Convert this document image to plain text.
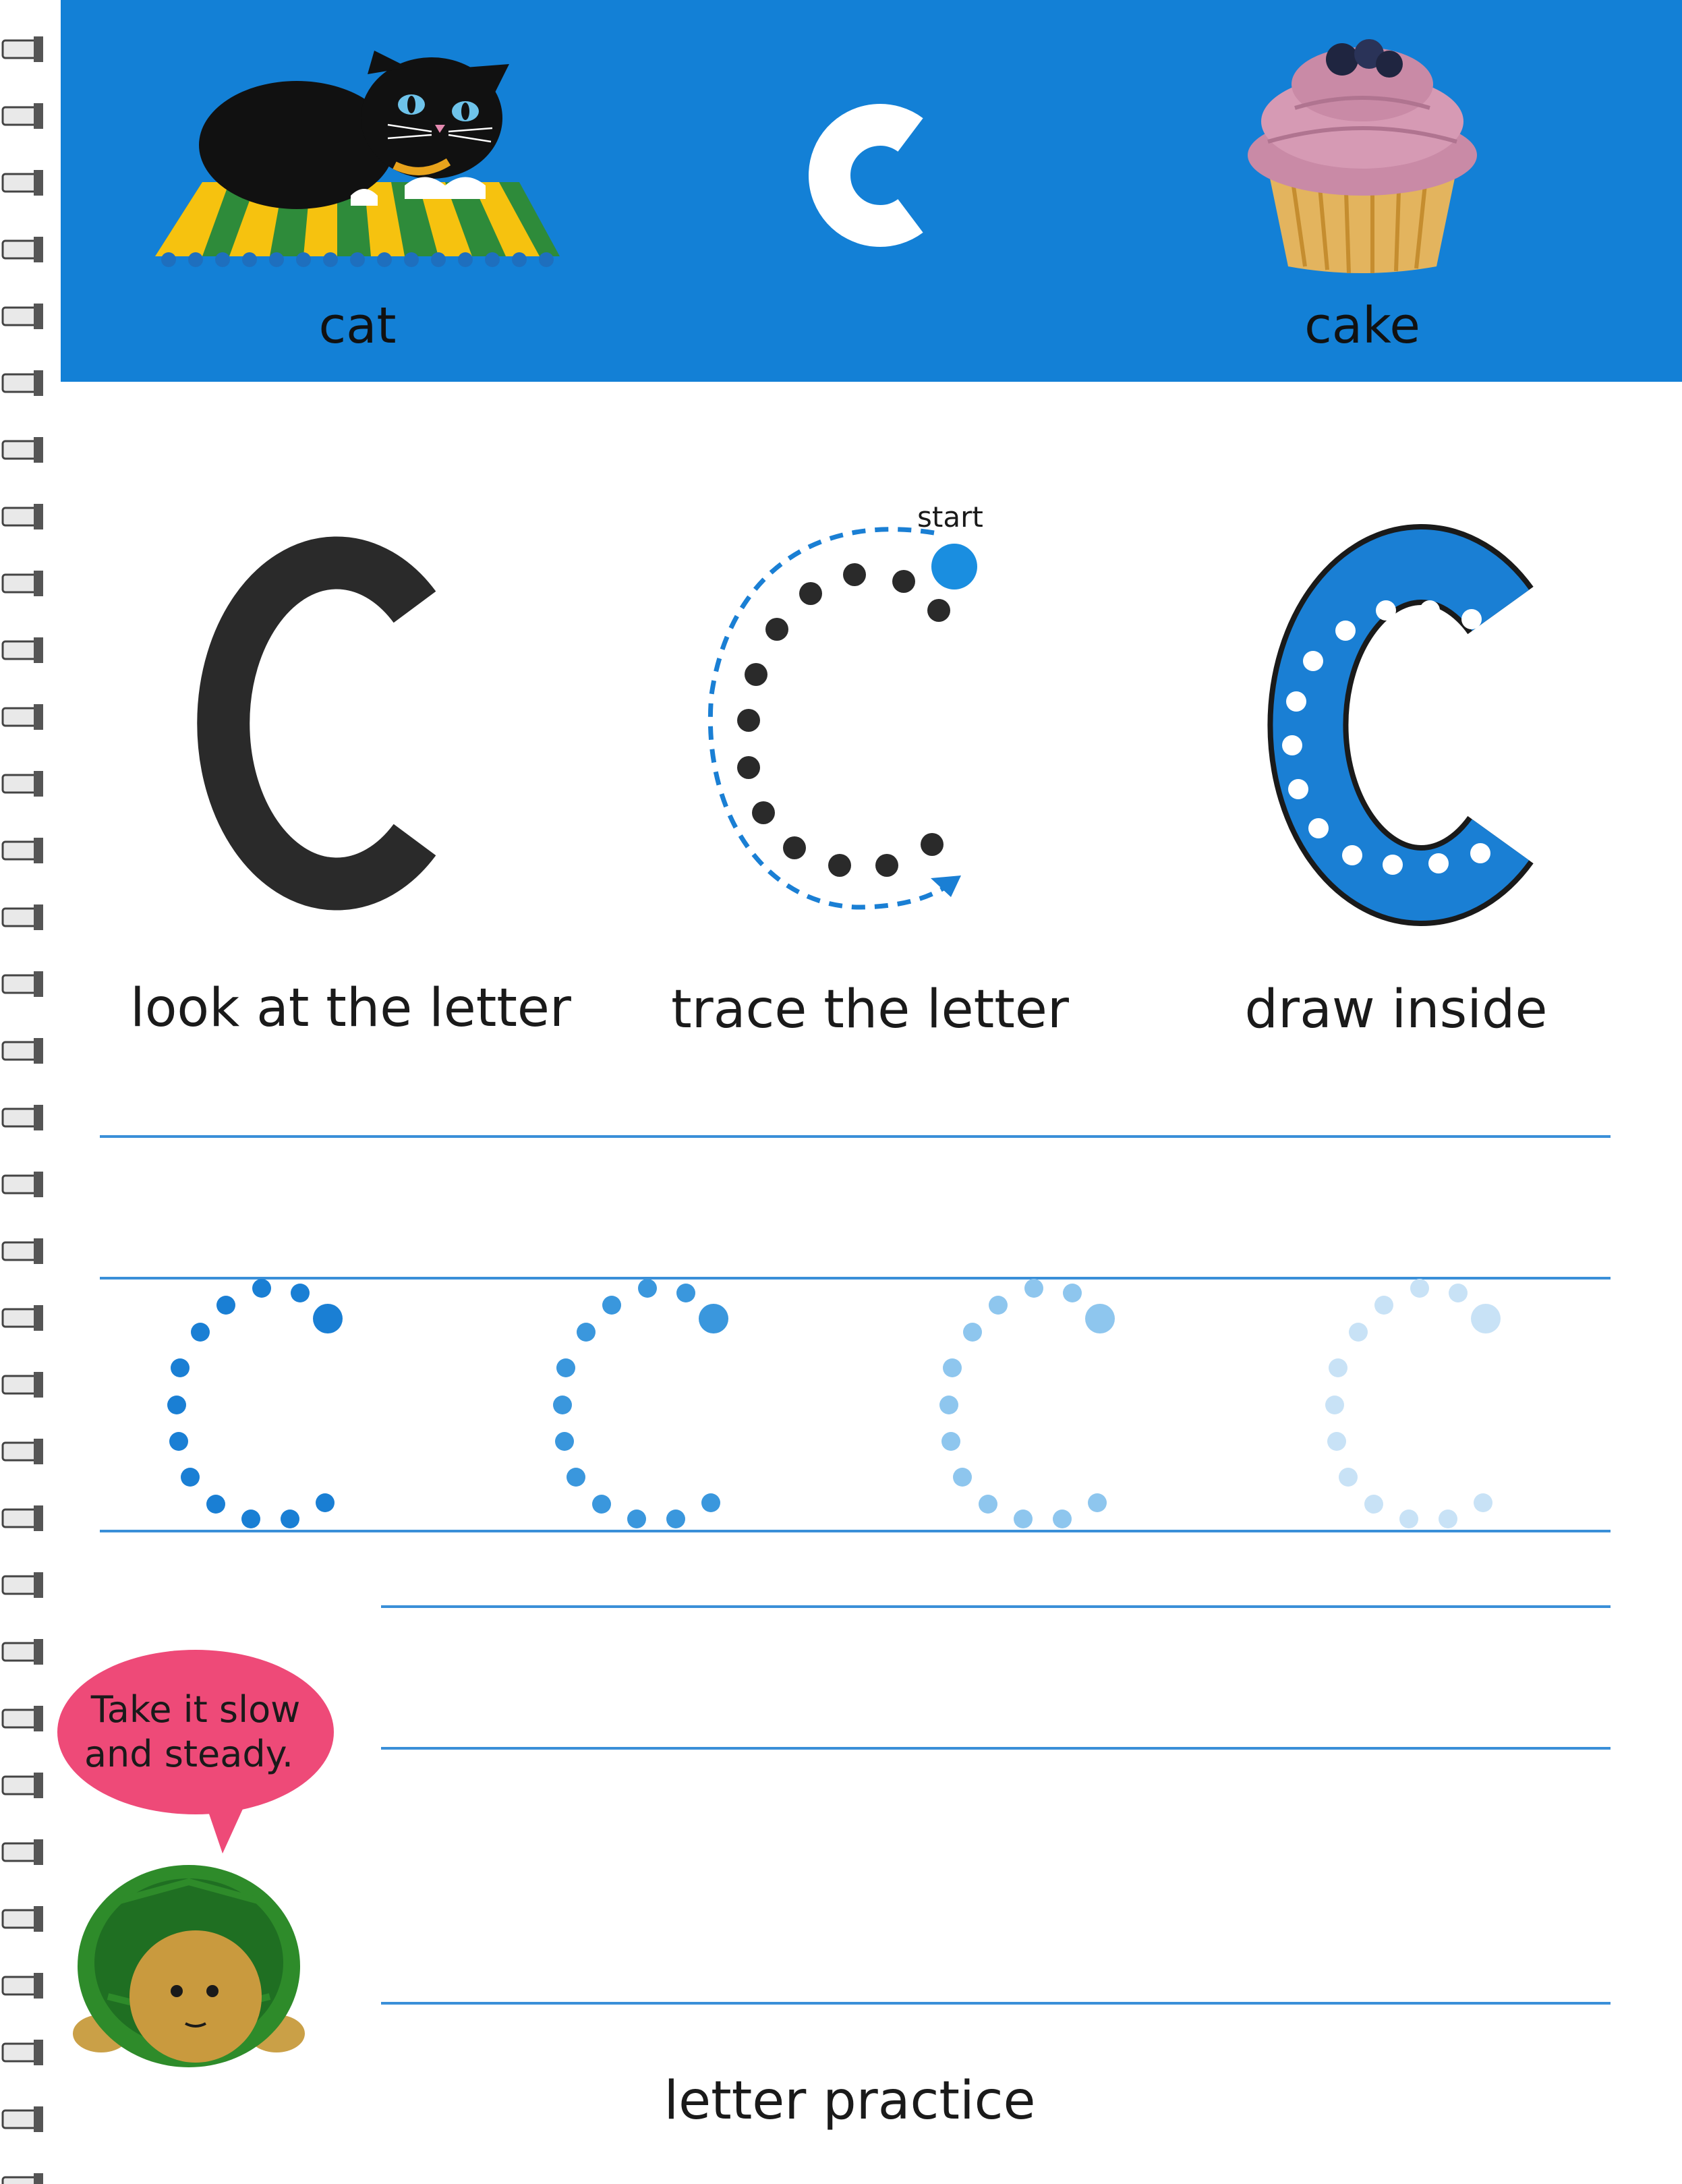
cat	cake
start
look at the letter	trace the letter	draw inside
Take it slow
and steady.
letter practice
